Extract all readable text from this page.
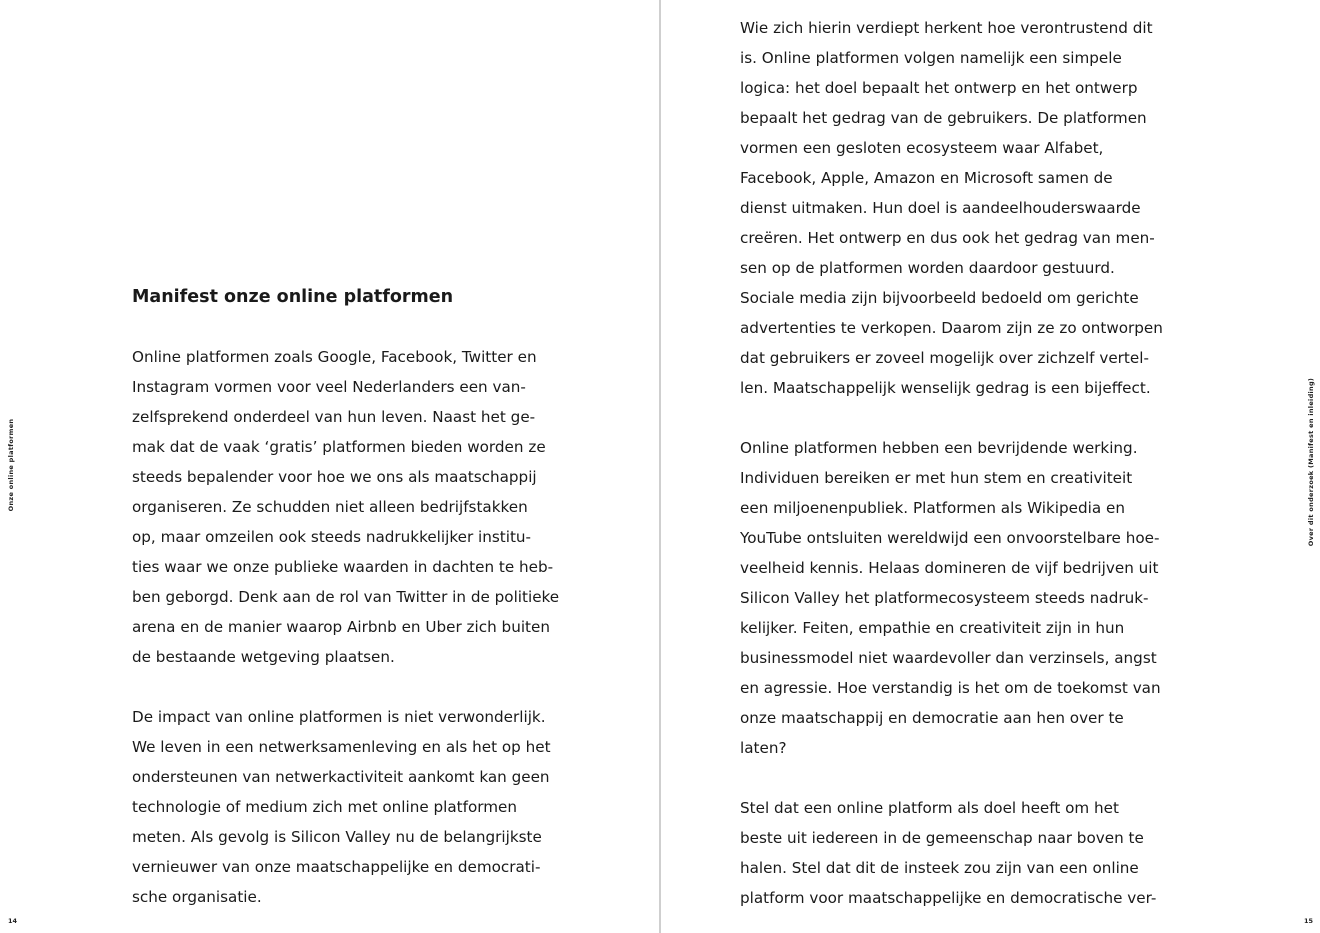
Onze online platformen
Manifest onze online platformen

Online platformen zoals Google, Facebook, Twitter en
Instagram vormen voor veel Nederlanders een van-
zelfsprekend onderdeel van hun leven. Naast het ge-
mak dat de vaak ‘gratis’ platformen bieden worden ze
steeds bepalender voor hoe we ons als maatschappij
organiseren. Ze schudden niet alleen bedrijfstakken
op, maar omzeilen ook steeds nadrukkelijker institu-
ties waar we onze publieke waarden in dachten te heb-
ben geborgd. Denk aan de rol van Twitter in de politieke
arena en de manier waarop Airbnb en Uber zich buiten
de bestaande wetgeving plaatsen.

De impact van online platformen is niet verwonderlijk.
We leven in een netwerksamenleving en als het op het
ondersteunen van netwerkactiviteit aankomt kan geen
technologie of medium zich met online platformen
meten. Als gevolg is Silicon Valley nu de belangrijkste
vernieuwer van onze maatschappelijke en democrati-
sche organisatie.

14

Wie zich hierin verdiept herkent hoe verontrustend dit
is. Online platformen volgen namelijk een simpele
logica: het doel bepaalt het ontwerp en het ontwerp
bepaalt het gedrag van de gebruikers. De platformen
vormen een gesloten ecosysteem waar Alfabet,
Facebook, Apple, Amazon en Microsoft samen de
dienst uitmaken. Hun doel is aandeelhouderswaarde
creëren. Het ontwerp en dus ook het gedrag van men-
sen op de platformen worden daardoor gestuurd.
Sociale media zijn bijvoorbeeld bedoeld om gerichte
advertenties te verkopen. Daarom zijn ze zo ontworpen
dat gebruikers er zoveel mogelijk over zichzelf vertel-
len. Maatschappelijk wenselijk gedrag is een bijeffect.

Online platformen hebben een bevrijdende werking.
Individuen bereiken er met hun stem en creativiteit
een miljoenenpubliek. Platformen als Wikipedia en
YouTube ontsluiten wereldwijd een onvoorstelbare hoe-
veelheid kennis. Helaas domineren de vijf bedrijven uit
Silicon Valley het platformecosysteem steeds nadruk-
kelijker. Feiten, empathie en creativiteit zijn in hun
businessmodel niet waardevoller dan verzinsels, angst
en agressie. Hoe verstandig is het om de toekomst van
onze maatschappij en democratie aan hen over te
laten?

Stel dat een online platform als doel heeft om het
beste uit iedereen in de gemeenschap naar boven te
halen. Stel dat dit de insteek zou zijn van een online
platform voor maatschappelijke en democratische ver-

Over dit onderzoek (Manifest en inleiding)
15
